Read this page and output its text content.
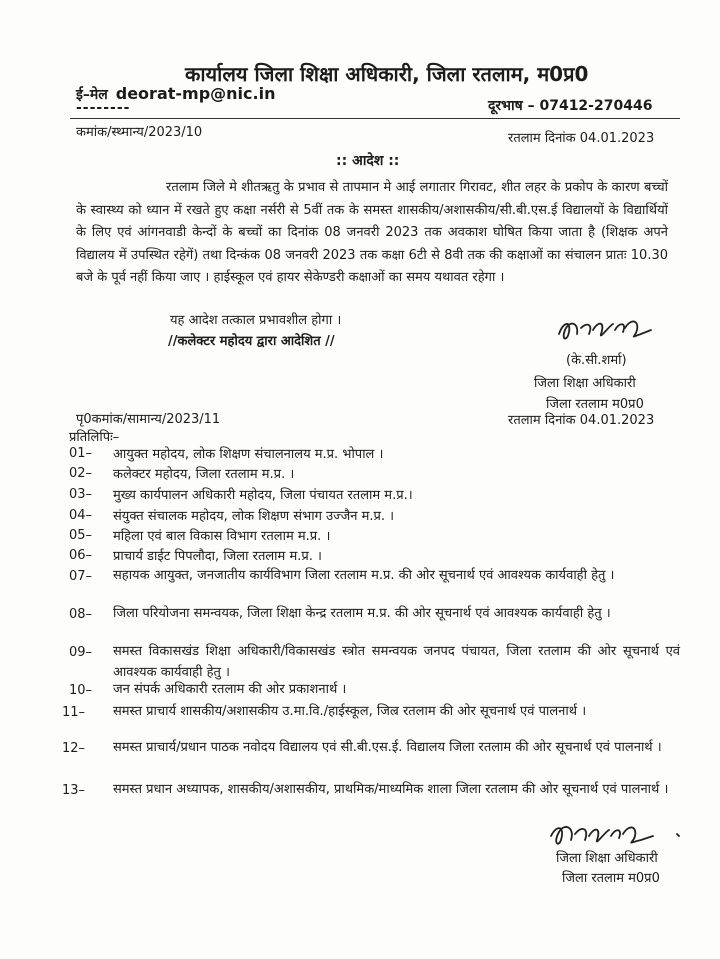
कार्यालय जिला शिक्षा अधिकारी, जिला रतलाम, म0प्र0
ई–मेल deorat-mp@nic.in
दूरभाष – 07412-270446
--------
कमांक/स्थ्मान्य/2023/10	रतलाम दिनांक 04.01.2023
:: आदेश ::
रतलाम जिले मे शीतऋतु के प्रभाव से तापमान मे आई लगातार गिरावट, शीत लहर के प्रकोप के कारण बच्चों के स्वास्थ्य को ध्यान में रखते हुए कक्षा नर्सरी से 5वीं तक के समस्त शासकीय/अशासकीय/सी.बी.एस.ई विद्यालयों के विद्यार्थियों के लिए एवं आंगनवाडी केन्दों के बच्चों का दिनांक 08 जनवरी 2023 तक अवकाश घोषित किया जाता है (शिक्षक अपने विद्यालय में उपस्थित रहेगें) तथा दिन्कंक 08 जनवरी 2023 तक कक्षा 6टी से 8वी तक की कक्षाओं का संचालन प्रातः 10.30 बजे के पूर्व नहीं किया जाए । हाईस्कूल एवं हायर सेकेण्डरी कक्षाओं का समय यथावत रहेगा ।
यह आदेश तत्काल प्रभावशील होगा ।
//कलेक्टर महोदय द्वारा आदेशित //
(के.सी.शर्मा)
जिला शिक्षा अधिकारी
जिला रतलाम म0प्र0
पृ0कमांक/सामान्य/2023/11	रतलाम दिनांक 04.01.2023
प्रतिलिपिः–
01– आयुक्त महोदय, लोक शिक्षण संचालनालय म.प्र. भोपाल ।
02– कलेक्टर महोदय, जिला रतलाम म.प्र. ।
03– मुख्य कार्यपालन अधिकारी महोदय, जिला पंचायत रतलाम म.प्र.।
04– संयुक्त संचालक महोदय, लोक शिक्षण संभाग उज्जैन म.प्र. ।
05– महिला एवं बाल विकास विभाग रतलाम म.प्र. ।
06– प्राचार्य डाईट पिपलौदा, जिला रतलाम म.प्र. ।
07– सहायक आयुक्त, जनजातीय कार्यविभाग जिला रतलाम म.प्र. की ओर सूचनार्थ एवं आवश्यक कार्यवाही हेतु ।
08– जिला परियोजना समन्वयक, जिला शिक्षा केन्द्र रतलाम म.प्र. की ओर सूचनार्थ एवं आवश्यक कार्यवाही हेतु ।
09– समस्त विकासखंड शिक्षा अधिकारी/विकासखंड स्त्रोत समन्वयक जनपद पंचायत, जिला रतलाम की ओर सूचनार्थ एवं आवश्यक कार्यवाही हेतु ।
10– जन संपर्क अधिकारी रतलाम की ओर प्रकाशनार्थ ।
11– समस्त प्राचार्य शासकीय/अशासकीय उ.मा.वि./हाईस्कूल, जिल्र रतलाम की ओर सूचनार्थ एवं पालनार्थ ।
12– समस्त प्राचार्य/प्रधान पाठक नवोदय विद्यालय एवं सी.बी.एस.ई. विद्यालय जिला रतलाम की ओर सूचनार्थ एवं पालनार्थ ।
13– समस्त प्रधान अध्यापक, शासकीय/अशासकीय, प्राथमिक/माध्यमिक शाला जिला रतलाम की ओर सूचनार्थ एवं पालनार्थ ।
जिला शिक्षा अधिकारी
जिला रतलाम म0प्र0
